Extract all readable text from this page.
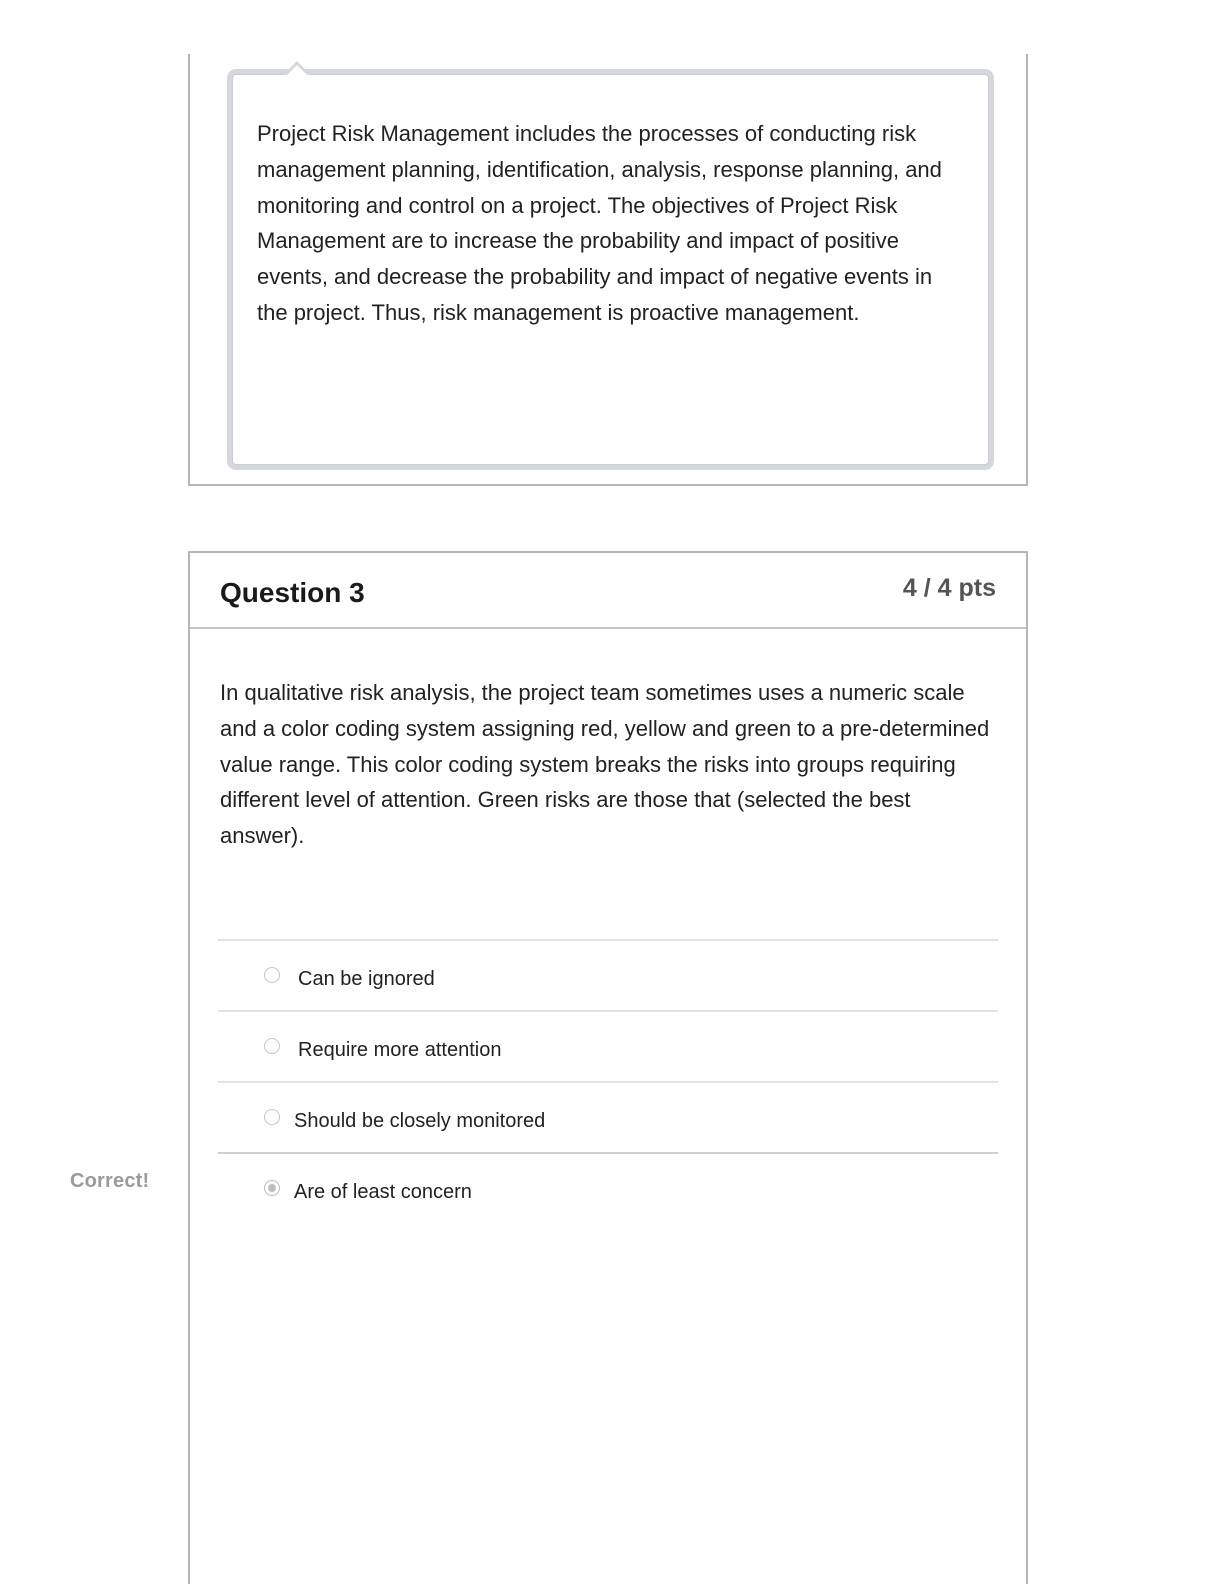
Project Risk Management includes the processes of conducting risk management planning, identification, analysis, response planning, and monitoring and control on a project. The objectives of Project Risk Management are to increase the probability and impact of positive events, and decrease the probability and impact of negative events in the project. Thus, risk management is proactive management.

Question 3	4 / 4 pts

In qualitative risk analysis, the project team sometimes uses a numeric scale and a color coding system assigning red, yellow and green to a pre-determined value range. This color coding system breaks the risks into groups requiring different level of attention. Green risks are those that (selected the best answer).

Can be ignored
Require more attention
Should be closely monitored
Are of least concern
Correct!
